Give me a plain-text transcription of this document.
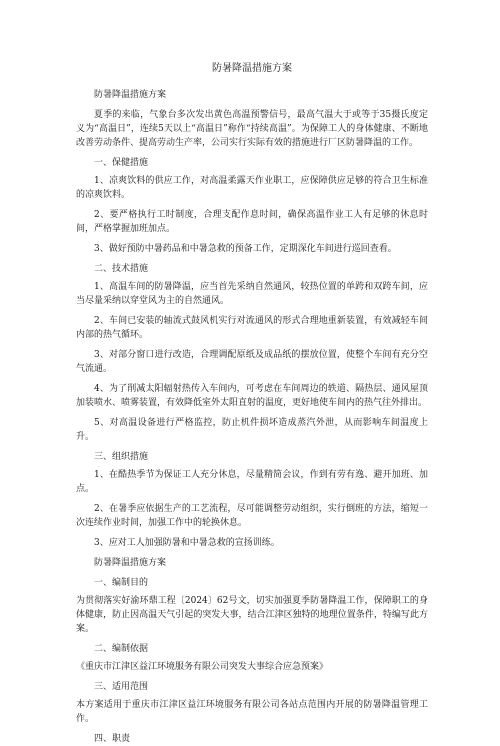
防暑降温措施方案

防暑降温措施方案

夏季的来临，气象台多次发出黄色高温预警信号，最高气温大于或等于35摄氏度定义为“高温日”，连续5天以上“高温日”称作“持续高温”。为保障工人的身体健康、不断地改善劳动条件、提高劳动生产率，公司实行实际有效的措施进行厂区防暑降温的工作。

一、保健措施

1、凉爽饮料的供应工作，对高温柔露天作业职工，应保障供应足够的符合卫生标准的凉爽饮料。

2、要严格执行工时制度，合理支配作息时间，确保高温作业工人有足够的休息时间，严格掌握加班加点。

3、做好预防中暑药品和中暑急救的预备工作，定期深化车间进行巡回查看。

二、技术措施

1、高温车间的防暑降温，应当首先采纳自然通风，较热位置的单跨和双跨车间，应当尽量采纳以穿堂风为主的自然通风。

2、车间已安装的轴流式鼓风机实行对流通风的形式合理地重新装置，有效减轻车间内部的热气循环。

3、对部分窗口进行改造，合理调配原纸及成品纸的摆放位置，使整个车间有充分空气流通。

4、为了削减太阳辐射热传入车间内，可考虑在车间周边的轶道、隔热层、通风屋顶加装喷水、喷雾装置，有效降低室外太阳直射的温度，更好地使车间内的热气往外排出。

5、对高温设备进行严格监控，防止机件损坏造成蒸汽外泄，从而影响车间温度上升。

三、组织措施

1、在酷热季节为保证工人充分休息，尽量精简会议，作到有劳有逸、避开加班、加点。

2、在暑季应依据生产的工艺流程，尽可能调整劳动组织，实行倒班的方法，缩短一次连续作业时间，加强工作中的轮换休息。

3、应对工人加强防暑和中暑急救的宣扬训练。

防暑降温措施方案

一、编制目的

为贯彻落实好渝环鼎工程〔2024〕62号文，切实加强夏季防暑降温工作，保障职工的身体健康，防止因高温天气引起的突发大事，结合江津区独特的地理位置条件，特编写此方案。

二、编制依据

《重庆市江津区益江环境服务有限公司突发大事综合应急预案》

三、适用范围

本方案适用于重庆市江津区益江环境服务有限公司各站点范围内开展的防暑降温管理工作。

四、职责
